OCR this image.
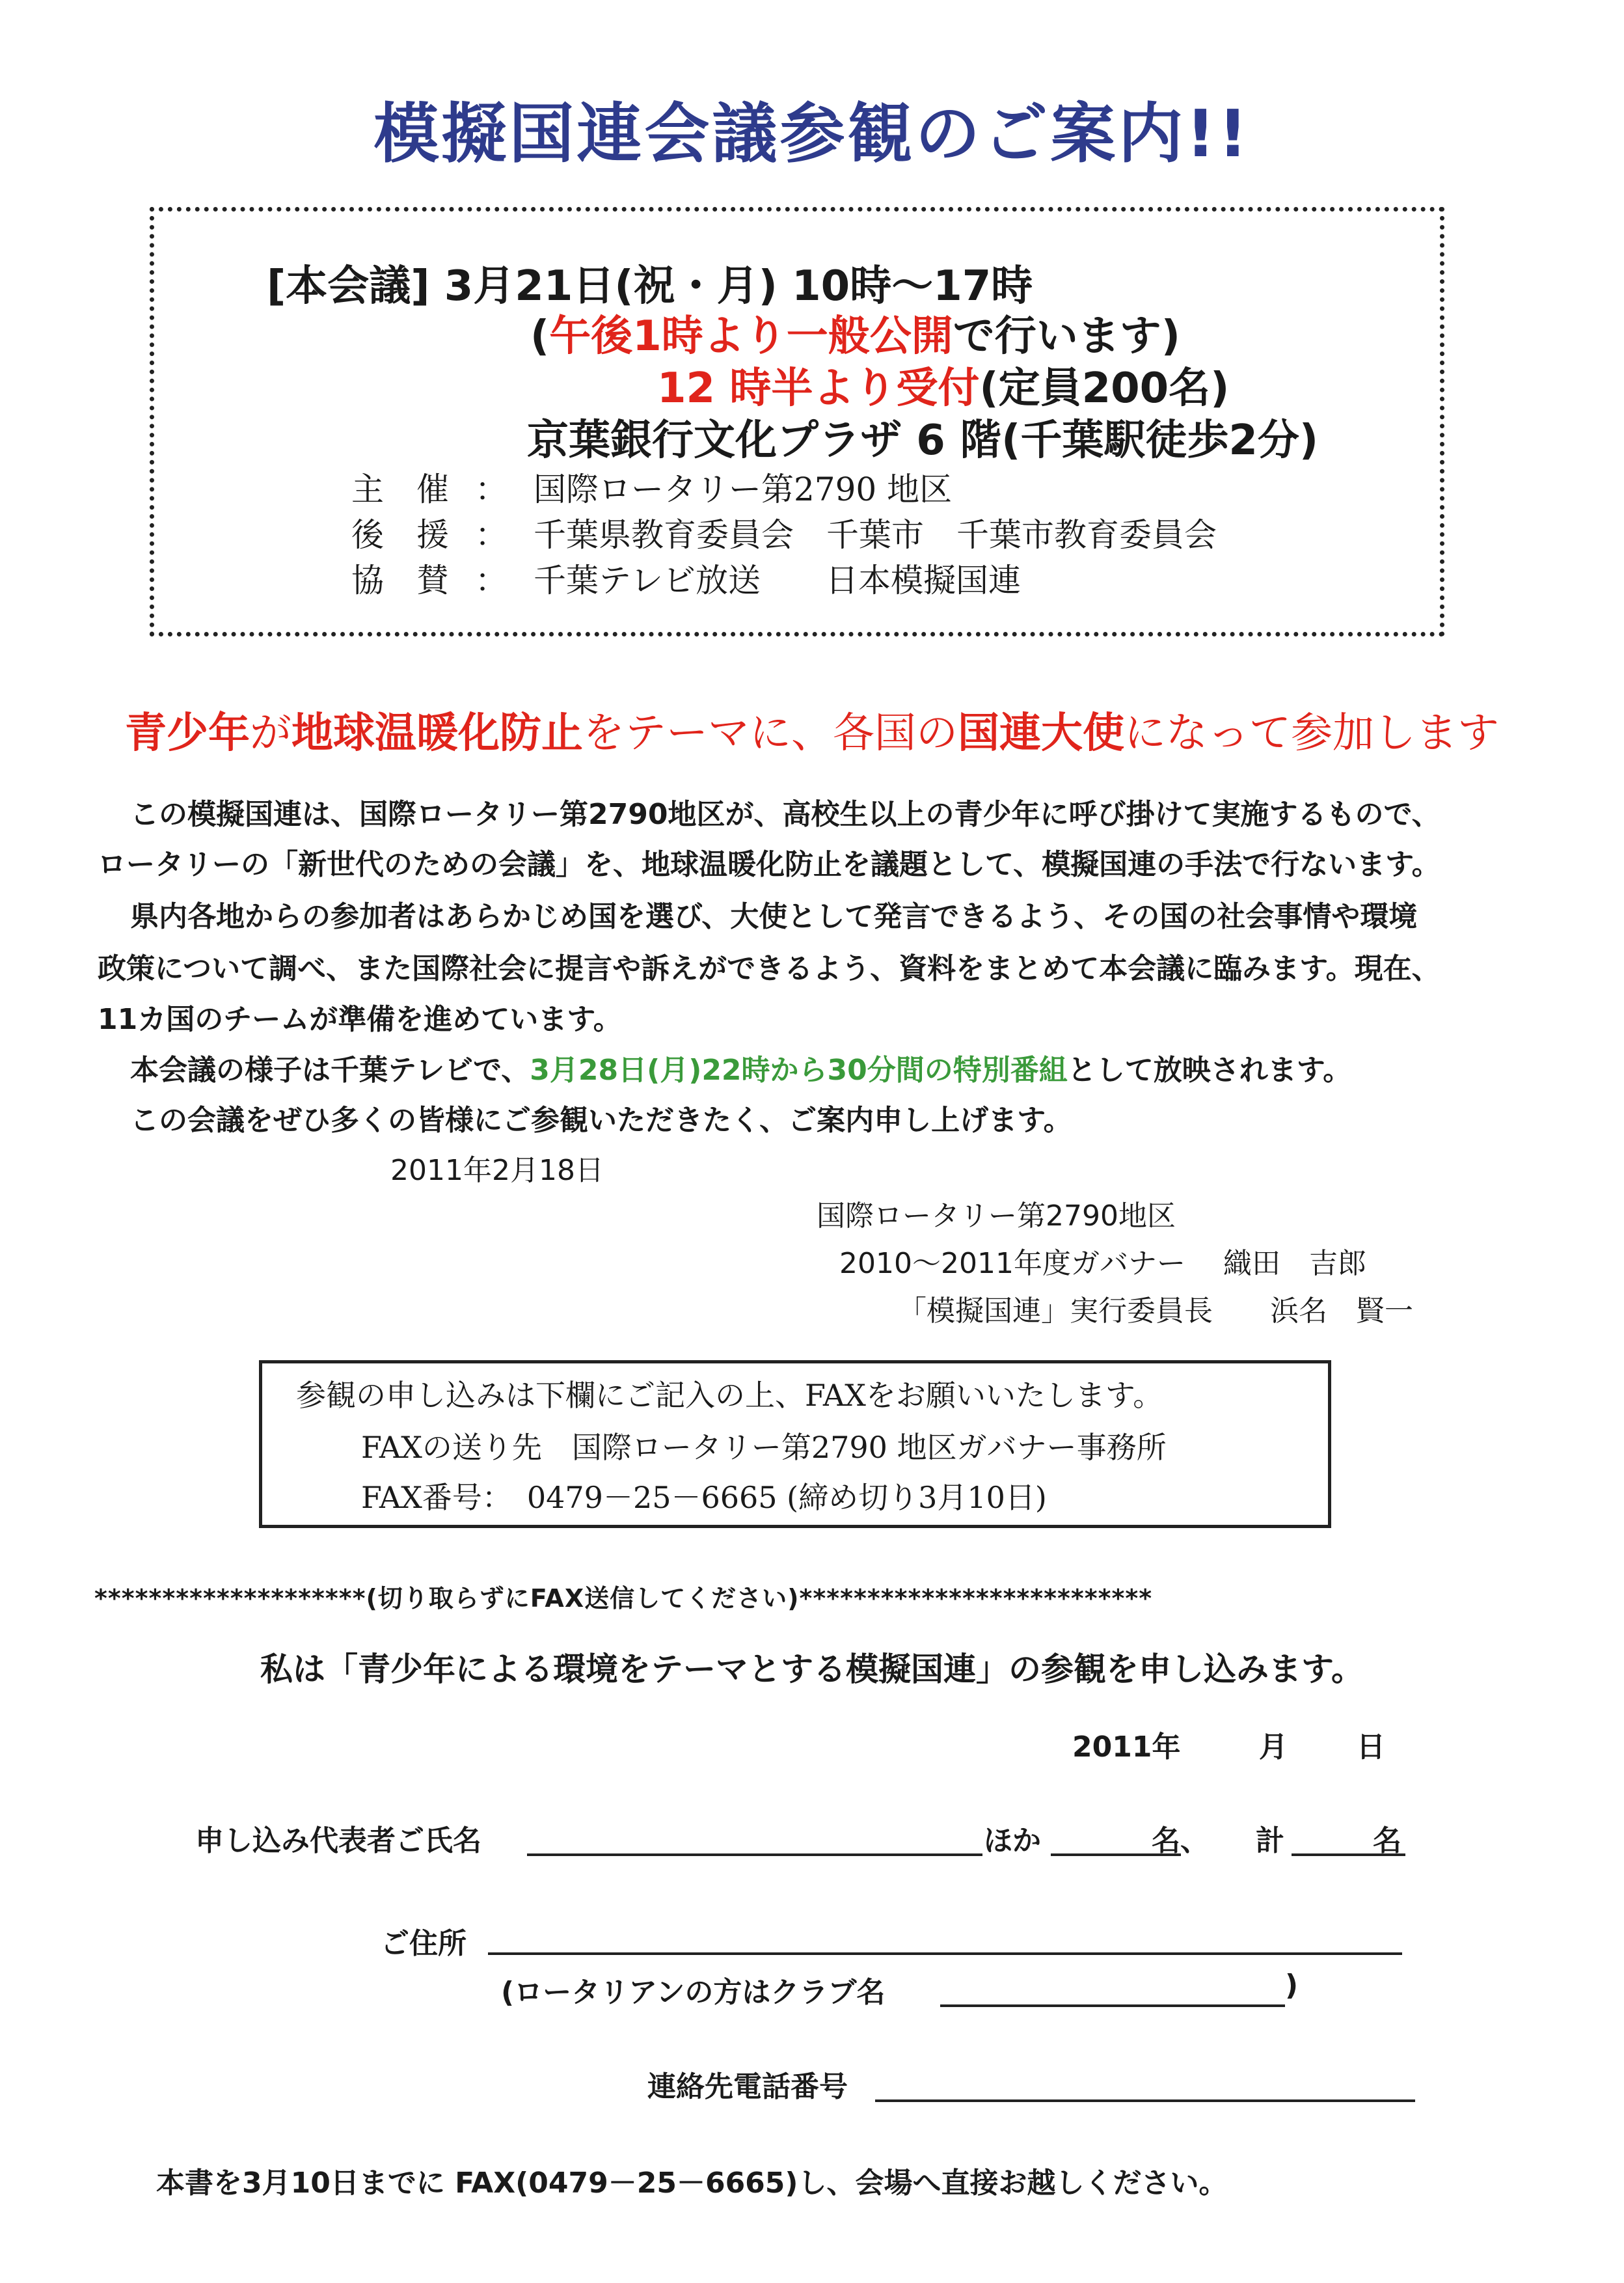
模擬国連会議参観のご案内!!
[本会議] 3月21日(祝・月) 10時～17時
(午後1時より一般公開で行います)
12 時半より受付(定員200名)
京葉銀行文化プラザ 6 階(千葉駅徒歩2分)
主　催 ： 国際ロータリー第2790 地区
後　援 ： 千葉県教育委員会　千葉市　千葉市教育委員会
協　賛 ： 千葉テレビ放送　　日本模擬国連
青少年が地球温暖化防止をテーマに、各国の国連大使になって参加します
この模擬国連は、国際ロータリー第2790地区が、高校生以上の青少年に呼び掛けて実施するもので、
ロータリーの「新世代のための会議」を、地球温暖化防止を議題として、模擬国連の手法で行ないます。
県内各地からの参加者はあらかじめ国を選び、大使として発言できるよう、その国の社会事情や環境
政策について調べ、また国際社会に提言や訴えができるよう、資料をまとめて本会議に臨みます。現在、
11カ国のチームが準備を進めています。
本会議の様子は千葉テレビで、3月28日(月)22時から30分間の特別番組として放映されます。
この会議をぜひ多くの皆様にご参観いただきたく、ご案内申し上げます。
2011年2月18日
国際ロータリー第2790地区
2010～2011年度ガバナー　 織田　吉郎
「模擬国連」実行委員長　　浜名　賢一
参観の申し込みは下欄にご記入の上、FAXをお願いいたします。
FAXの送り先　国際ロータリー第2790 地区ガバナー事務所
FAX番号：　0479－25－6665 (締め切り3月10日)
********************(切り取らずにFAX送信してください)**************************
私は「青少年による環境をテーマとする模擬国連」の参観を申し込みます。
2011年	月 日
申し込み代表者ご氏名	ほか	名、 計	名
ご住所
(ロータリアンの方はクラブ名	)
連絡先電話番号
本書を3月10日までに FAX(0479－25－6665)し、会場へ直接お越しください。
